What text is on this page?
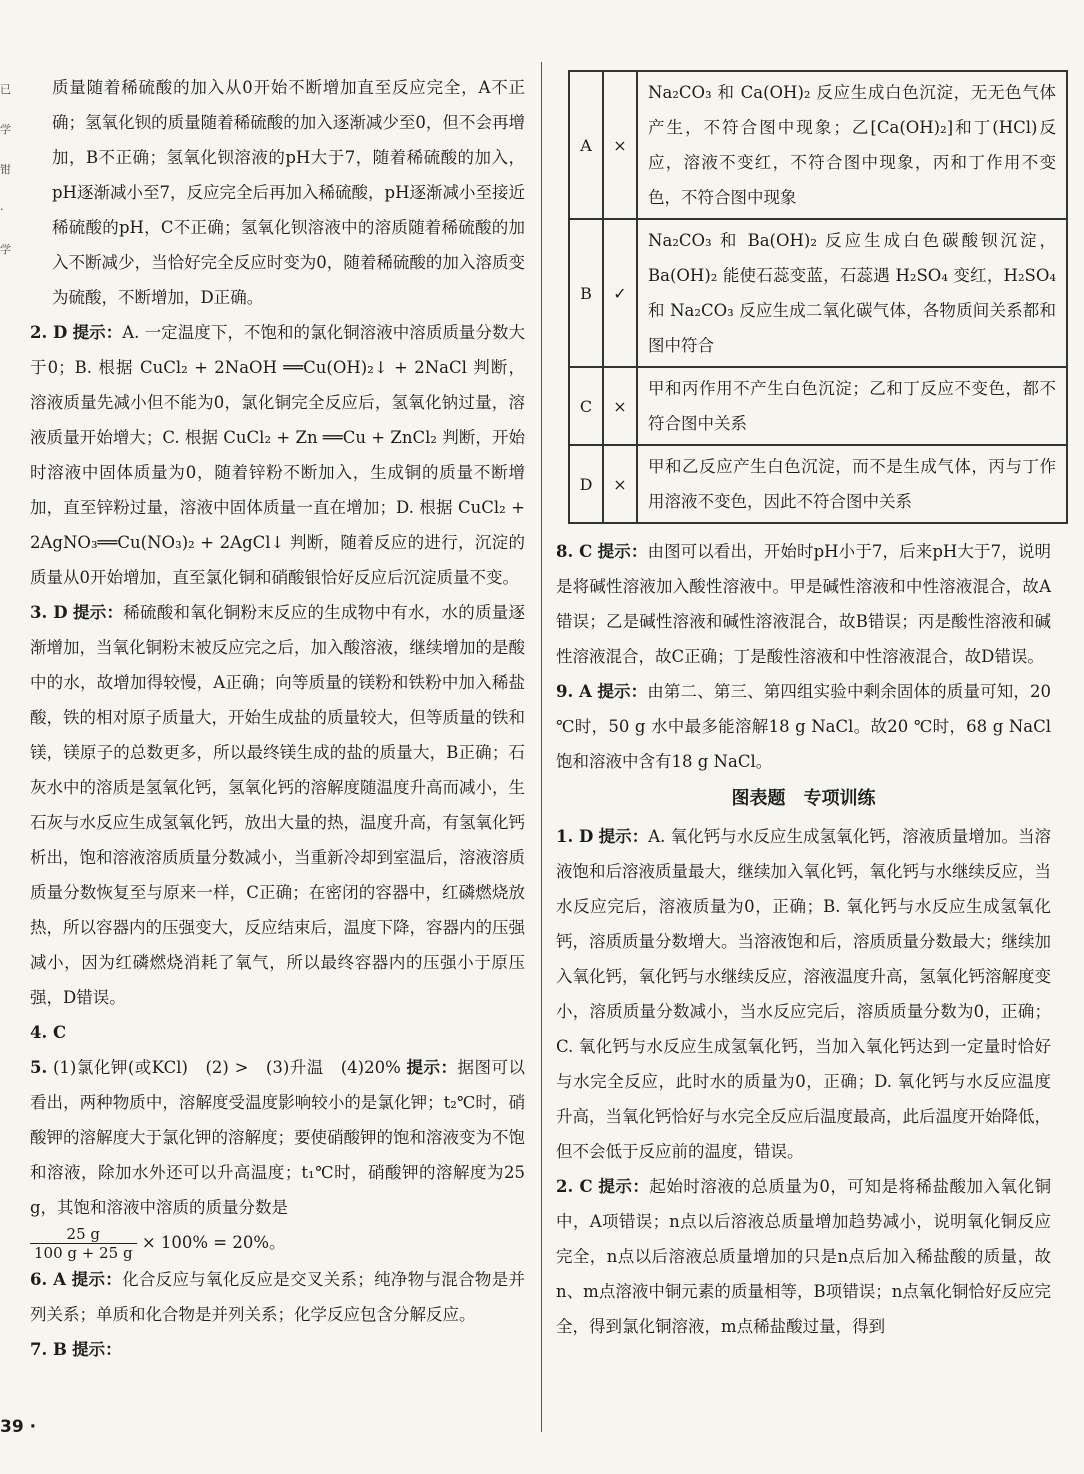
已
学
钳
·
学

质量随着稀硫酸的加入从0开始不断增加直至反应完全，A不正确；氢氧化钡的质量随着稀硫酸的加入逐渐减少至0，但不会再增加，B不正确；氢氧化钡溶液的pH大于7，随着稀硫酸的加入，pH逐渐减小至7，反应完全后再加入稀硫酸，pH逐渐减小至接近稀硫酸的pH，C不正确；氢氧化钡溶液中的溶质随着稀硫酸的加入不断减少，当恰好完全反应时变为0，随着稀硫酸的加入溶质变为硫酸，不断增加，D正确。

2. D 提示：A. 一定温度下，不饱和的氯化铜溶液中溶质质量分数大于0；B. 根据 CuCl₂ + 2NaOH ══Cu(OH)₂↓ + 2NaCl 判断，溶液质量先减小但不能为0，氯化铜完全反应后，氢氧化钠过量，溶液质量开始增大；C. 根据 CuCl₂ + Zn ══Cu + ZnCl₂ 判断，开始时溶液中固体质量为0，随着锌粉不断加入，生成铜的质量不断增加，直至锌粉过量，溶液中固体质量一直在增加；D. 根据 CuCl₂ + 2AgNO₃══Cu(NO₃)₂ + 2AgCl↓ 判断，随着反应的进行，沉淀的质量从0开始增加，直至氯化铜和硝酸银恰好反应后沉淀质量不变。

3. D 提示：稀硫酸和氧化铜粉末反应的生成物中有水，水的质量逐渐增加，当氧化铜粉末被反应完之后，加入酸溶液，继续增加的是酸中的水，故增加得较慢，A正确；向等质量的镁粉和铁粉中加入稀盐酸，铁的相对原子质量大，开始生成盐的质量较大，但等质量的铁和镁，镁原子的总数更多，所以最终镁生成的盐的质量大，B正确；石灰水中的溶质是氢氧化钙，氢氧化钙的溶解度随温度升高而减小，生石灰与水反应生成氢氧化钙，放出大量的热，温度升高，有氢氧化钙析出，饱和溶液溶质质量分数减小，当重新冷却到室温后，溶液溶质质量分数恢复至与原来一样，C正确；在密闭的容器中，红磷燃烧放热，所以容器内的压强变大，反应结束后，温度下降，容器内的压强减小，因为红磷燃烧消耗了氧气，所以最终容器内的压强小于原压强，D错误。

4. C

5. (1)氯化钾(或KCl)　(2) >　(3)升温　(4)20% 提示：据图可以看出，两种物质中，溶解度受温度影响较小的是氯化钾；t₂℃时，硝酸钾的溶解度大于氯化钾的溶解度；要使硝酸钾的饱和溶液变为不饱和溶液，除加水外还可以升高温度；t₁℃时，硝酸钾的溶解度为25 g，其饱和溶液中溶质的质量分数是

$\frac{25 g}{100 g + 25 g} \times 100\% = 20\%$。

6. A 提示：化合反应与氧化反应是交叉关系；纯净物与混合物是并列关系；单质和化合物是并列关系；化学反应包含分解反应。

7. B 提示：

A	×	Na₂CO₃ 和 Ca(OH)₂ 反应生成白色沉淀，无无色气体产生，不符合图中现象；乙[Ca(OH)₂]和丁(HCl)反应，溶液不变红，不符合图中现象，丙和丁作用不变色，不符合图中现象
B	✓	Na₂CO₃ 和 Ba(OH)₂ 反应生成白色碳酸钡沉淀，Ba(OH)₂ 能使石蕊变蓝，石蕊遇 H₂SO₄ 变红，H₂SO₄ 和 Na₂CO₃ 反应生成二氧化碳气体，各物质间关系都和图中符合
C	×	甲和丙作用不产生白色沉淀；乙和丁反应不变色，都不符合图中关系
D	×	甲和乙反应产生白色沉淀，而不是生成气体，丙与丁作用溶液不变色，因此不符合图中关系

8. C 提示：由图可以看出，开始时pH小于7，后来pH大于7，说明是将碱性溶液加入酸性溶液中。甲是碱性溶液和中性溶液混合，故A错误；乙是碱性溶液和碱性溶液混合，故B错误；丙是酸性溶液和碱性溶液混合，故C正确；丁是酸性溶液和中性溶液混合，故D错误。

9. A 提示：由第二、第三、第四组实验中剩余固体的质量可知，20 ℃时，50 g 水中最多能溶解18 g NaCl。故20 ℃时，68 g NaCl饱和溶液中含有18 g NaCl。

图表题　专项训练

1. D 提示：A. 氧化钙与水反应生成氢氧化钙，溶液质量增加。当溶液饱和后溶液质量最大，继续加入氧化钙，氧化钙与水继续反应，当水反应完后，溶液质量为0，正确；B. 氧化钙与水反应生成氢氧化钙，溶质质量分数增大。当溶液饱和后，溶质质量分数最大；继续加入氧化钙，氧化钙与水继续反应，溶液温度升高，氢氧化钙溶解度变小，溶质质量分数减小，当水反应完后，溶质质量分数为0，正确；C. 氧化钙与水反应生成氢氧化钙，当加入氧化钙达到一定量时恰好与水完全反应，此时水的质量为0，正确；D. 氧化钙与水反应温度升高，当氧化钙恰好与水完全反应后温度最高，此后温度开始降低，但不会低于反应前的温度，错误。

2. C 提示：起始时溶液的总质量为0，可知是将稀盐酸加入氧化铜中，A项错误；n点以后溶液总质量增加趋势减小，说明氧化铜反应完全，n点以后溶液总质量增加的只是n点后加入稀盐酸的质量，故n、m点溶液中铜元素的质量相等，B项错误；n点氧化铜恰好反应完全，得到氯化铜溶液，m点稀盐酸过量，得到

39 ·
